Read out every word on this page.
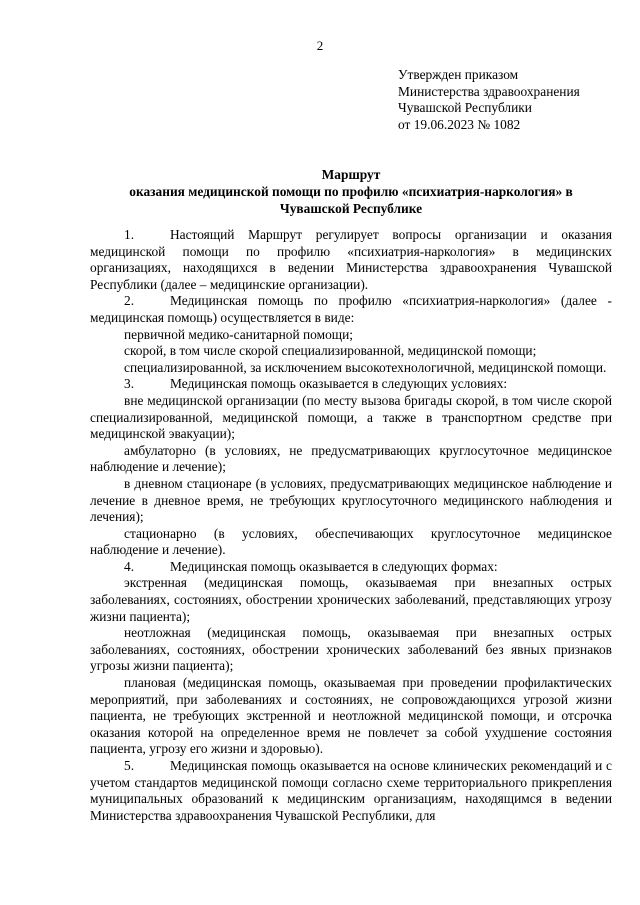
2
Утвержден приказом
Министерства здравоохранения
Чувашской Республики
от 19.06.2023 № 1082
Маршрут
оказания медицинской помощи по профилю «психиатрия-наркология» в
Чувашской Республике

1.	Настоящий Маршрут регулирует вопросы организации и оказания медицинской помощи по профилю «психиатрия-наркология» в медицинских организациях, находящихся в ведении Министерства здравоохранения Чувашской Республики (далее – медицинские организации).

2.	Медицинская помощь по профилю «психиатрия-наркология» (далее - медицинская помощь) осуществляется в виде:

первичной медико-санитарной помощи;

скорой, в том числе скорой специализированной, медицинской помощи;

специализированной, за исключением высокотехнологичной, медицинской помощи.

3.	Медицинская помощь оказывается в следующих условиях:

вне медицинской организации (по месту вызова бригады скорой, в том числе скорой специализированной, медицинской помощи, а также в транспортном средстве при медицинской эвакуации);

амбулаторно (в условиях, не предусматривающих круглосуточное медицинское наблюдение и лечение);

в дневном стационаре (в условиях, предусматривающих медицинское наблюдение и лечение в дневное время, не требующих круглосуточного медицинского наблюдения и лечения);

стационарно (в условиях, обеспечивающих круглосуточное медицинское наблюдение и лечение).

4.	Медицинская помощь оказывается в следующих формах:

экстренная (медицинская помощь, оказываемая при внезапных острых заболеваниях, состояниях, обострении хронических заболеваний, представляющих угрозу жизни пациента);

неотложная (медицинская помощь, оказываемая при внезапных острых заболеваниях, состояниях, обострении хронических заболеваний без явных признаков угрозы жизни пациента);

плановая (медицинская помощь, оказываемая при проведении профилактических мероприятий, при заболеваниях и состояниях, не сопровождающихся угрозой жизни пациента, не требующих экстренной и неотложной медицинской помощи, и отсрочка оказания которой на определенное время не повлечет за собой ухудшение состояния пациента, угрозу его жизни и здоровью).

5.	Медицинская помощь оказывается на основе клинических рекомендаций и с учетом стандартов медицинской помощи согласно схеме территориального прикрепления муниципальных образований к медицинским организациям, находящимся в ведении Министерства здравоохранения Чувашской Республики, для
